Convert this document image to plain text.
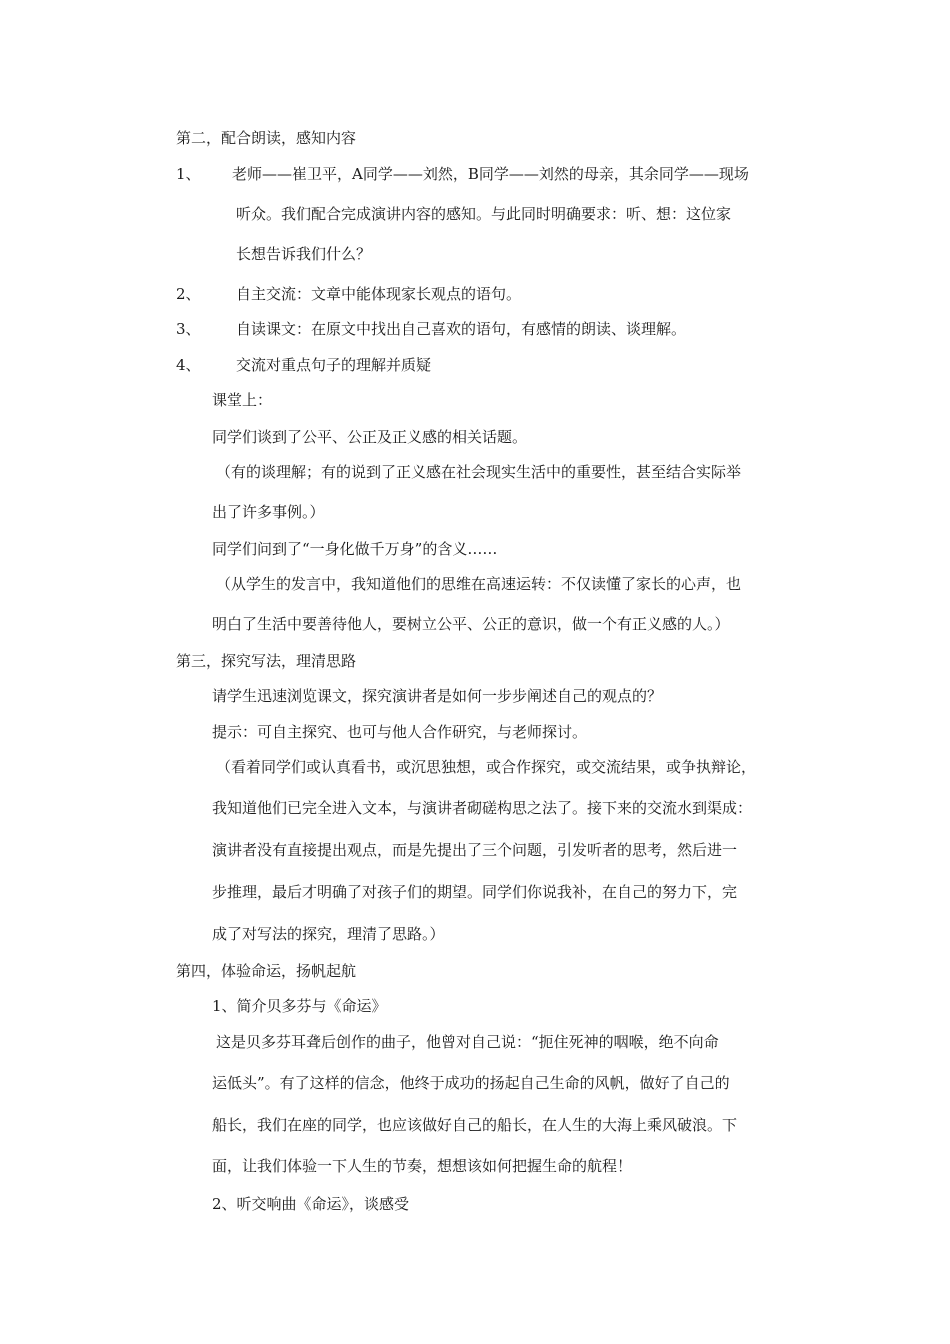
第二，配合朗读，感知内容
1、 老师——崔卫平，A同学——刘然，B同学——刘然的母亲，其余同学——现场
听众。我们配合完成演讲内容的感知。与此同时明确要求：听、想：这位家
长想告诉我们什么？
2、 自主交流：文章中能体现家长观点的语句。
3、 自读课文：在原文中找出自己喜欢的语句，有感情的朗读、谈理解。
4、 交流对重点句子的理解并质疑
课堂上：
同学们谈到了公平、公正及正义感的相关话题。
（有的谈理解；有的说到了正义感在社会现实生活中的重要性，甚至结合实际举
出了许多事例。）
同学们问到了“一身化做千万身”的含义……
（从学生的发言中，我知道他们的思维在高速运转：不仅读懂了家长的心声，也
明白了生活中要善待他人，要树立公平、公正的意识，做一个有正义感的人。）
第三，探究写法，理清思路
请学生迅速浏览课文，探究演讲者是如何一步步阐述自己的观点的？
提示：可自主探究、也可与他人合作研究，与老师探讨。
（看着同学们或认真看书，或沉思独想，或合作探究，或交流结果，或争执辩论，
我知道他们已完全进入文本，与演讲者砌磋构思之法了。接下来的交流水到渠成：
演讲者没有直接提出观点，而是先提出了三个问题，引发听者的思考，然后进一
步推理，最后才明确了对孩子们的期望。同学们你说我补，在自己的努力下，完
成了对写法的探究，理清了思路。）
第四，体验命运，扬帆起航
1、简介贝多芬与《命运》
这是贝多芬耳聋后创作的曲子，他曾对自己说：“扼住死神的咽喉，绝不向命
运低头”。有了这样的信念，他终于成功的扬起自己生命的风帆，做好了自己的
船长，我们在座的同学，也应该做好自己的船长，在人生的大海上乘风破浪。下
面，让我们体验一下人生的节奏，想想该如何把握生命的航程！
2、听交响曲《命运》，谈感受
